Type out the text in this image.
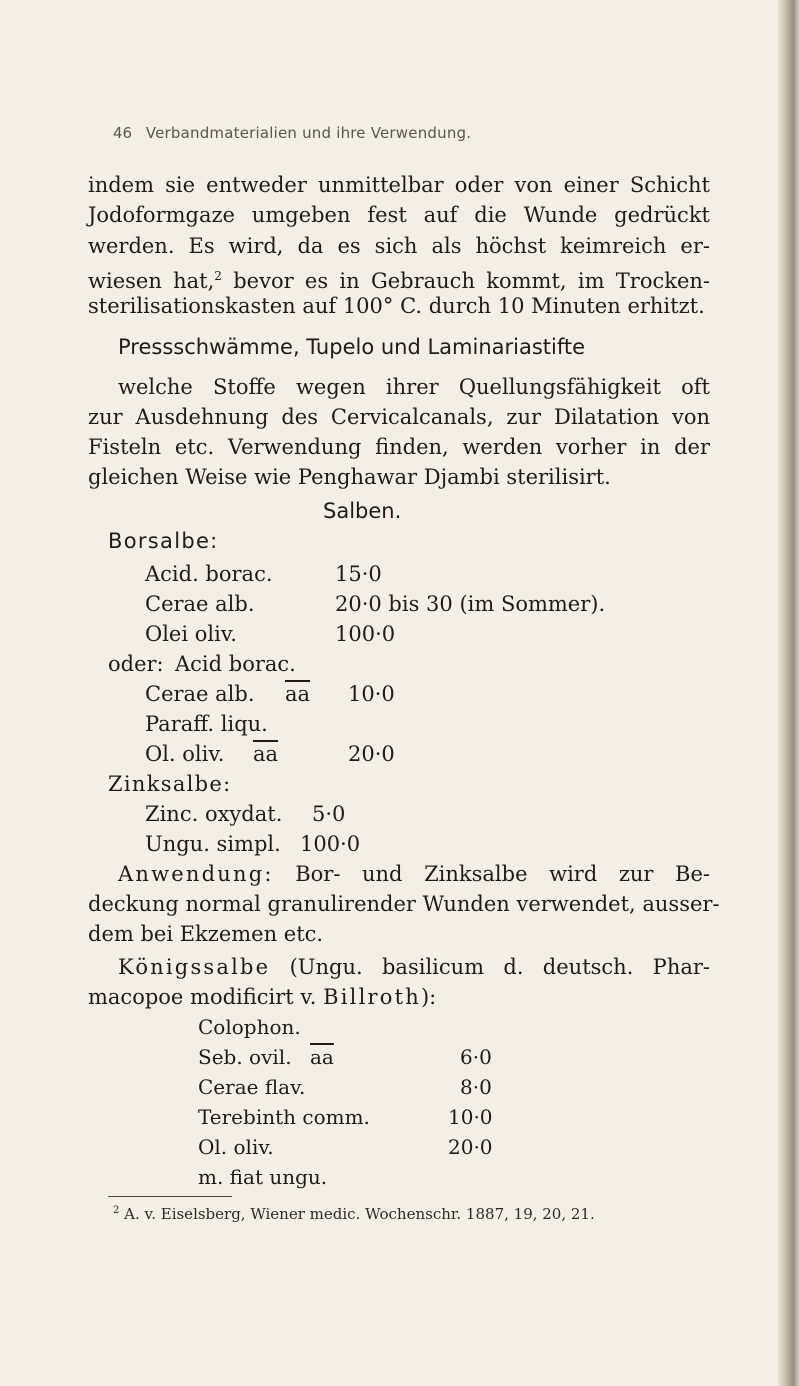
46 Verbandmaterialien und ihre Verwendung.
indem sie entweder unmittelbar oder von einer Schicht
Jodoformgaze umgeben fest auf die Wunde gedrückt
werden. Es wird, da es sich als höchst keimreich er-
wiesen hat,$^2$ bevor es in Gebrauch kommt, im Trocken-
sterilisationskasten auf 100° C. durch 10 Minuten erhitzt.
Pressschwämme, Tupelo und Laminariastifte
welche Stoffe wegen ihrer Quellungsfähigkeit oft
zur Ausdehnung des Cervicalcanals, zur Dilatation von
Fisteln etc. Verwendung finden, werden vorher in der
gleichen Weise wie Penghawar Djambi sterilisirt.
Salben.
Borsalbe:
Acid. borac.	15·0
Cerae alb.	20·0 bis 30 (im Sommer).
Olei oliv.	100·0
oder: Acid borac.
Cerae alb. $\overline{aa}$ 10·0
Paraff. liqu.
Ol. oliv. $\overline{aa}$	20·0
Zinksalbe:
Zinc. oxydat. 5·0
Ungu. simpl. 100·0
Anwendung: Bor- und Zinksalbe wird zur Be-
deckung normal granulirender Wunden verwendet, ausser-
dem bei Ekzemen etc.
Königssalbe (Ungu. basilicum d. deutsch. Phar-
macopoe modificirt v. Billroth):
Colophon.
Seb. ovil. $\overline{aa}$	6·0
Cerae flav.	8·0
Terebinth comm.	10·0
Ol. oliv.	20·0
m. fiat ungu.
$^2$ A. v. Eiselsberg, Wiener medic. Wochenschr. 1887, 19, 20, 21.
